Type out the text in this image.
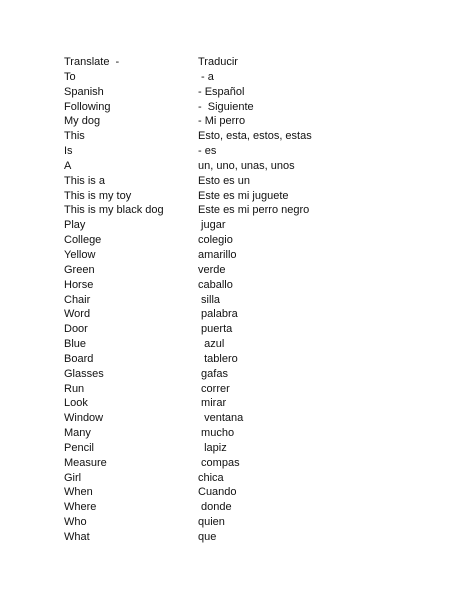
Translate  -	Traducir
To	- a
Spanish	- Español
Following	-  Siguiente
My dog	- Mi perro
This	Esto, esta, estos, estas
Is	- es
A	un, uno, unas, unos
This is a	Esto es un
This is my toy	Este es mi juguete
This is my black dog	Este es mi perro negro
Play	jugar
College	colegio
Yellow	amarillo
Green	verde
Horse	caballo
Chair	silla
Word	palabra
Door	puerta
Blue	azul
Board	tablero
Glasses	gafas
Run	correr
Look	mirar
Window	ventana
Many	mucho
Pencil	lapiz
Measure	compas
Girl	chica
When	Cuando
Where	donde
Who	quien
What	que
